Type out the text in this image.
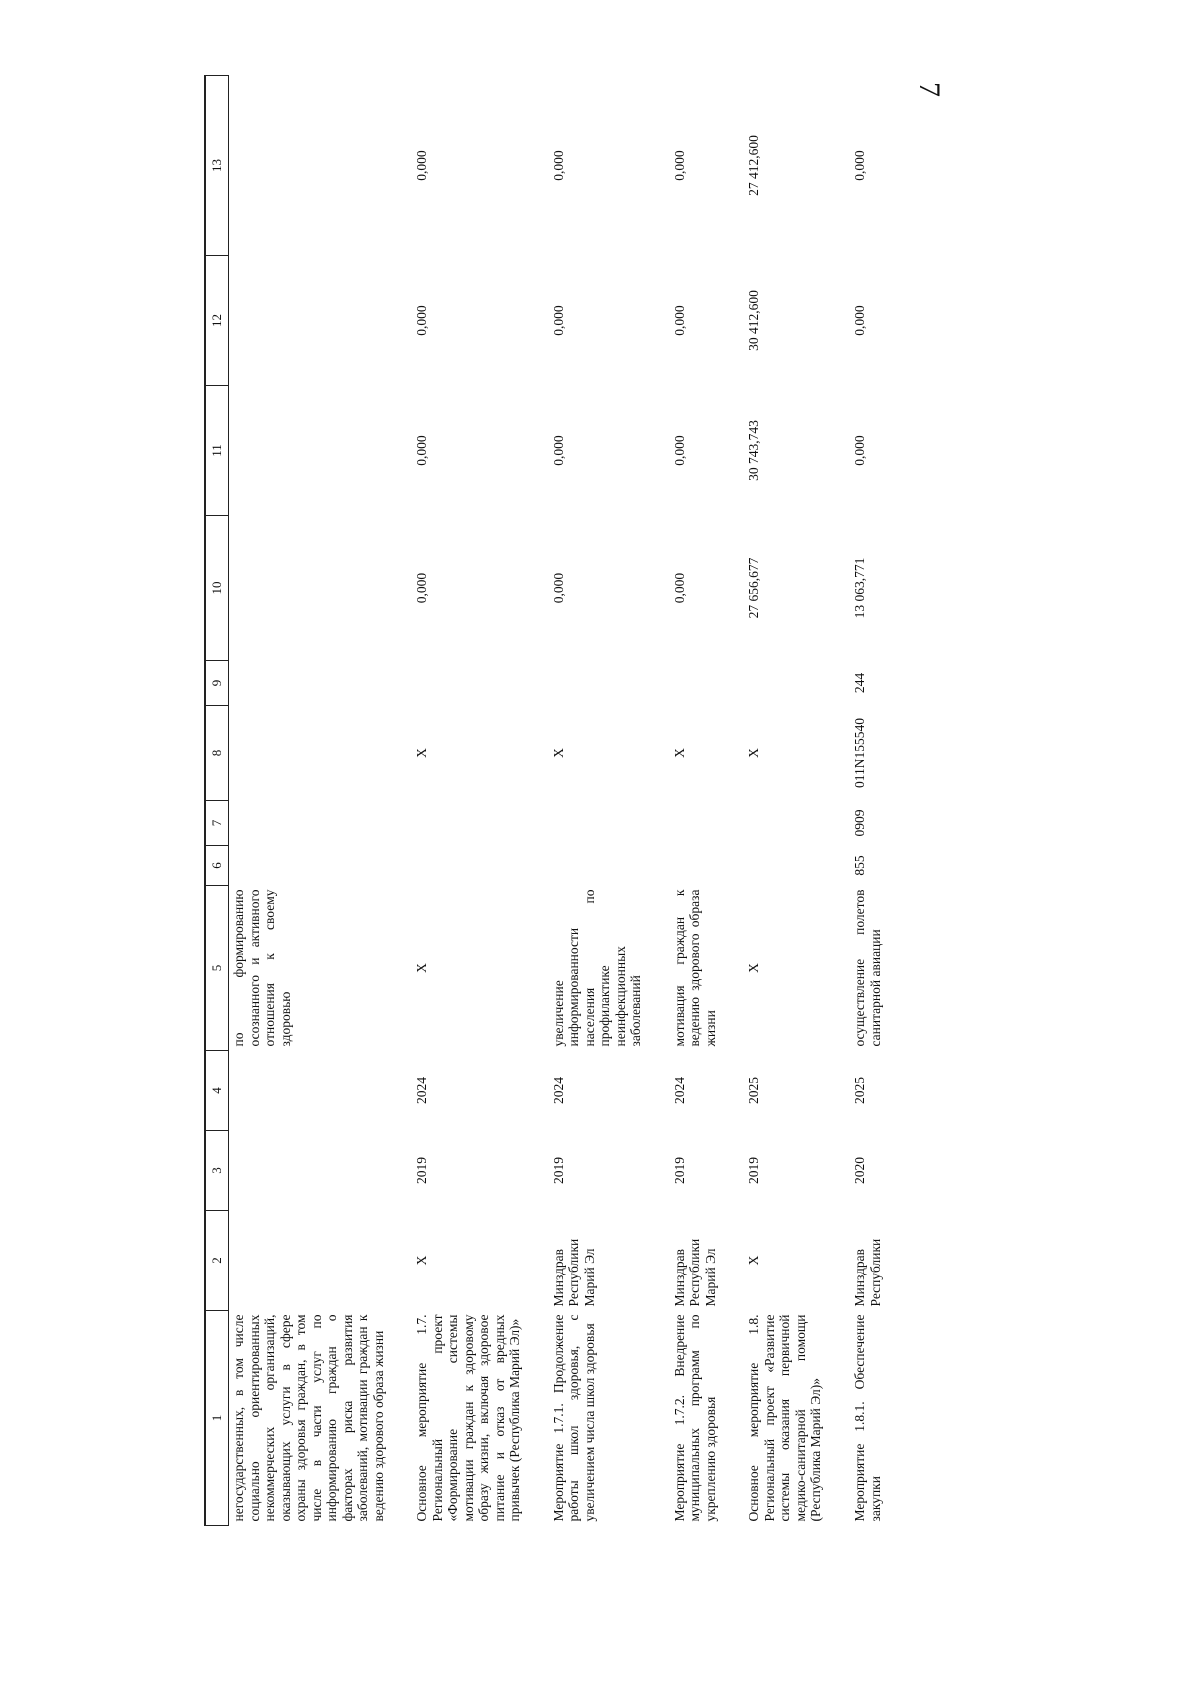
7
1	2	3	4	5	6	7	8	9	10	11	12	13
негосударственных, в том числе социально ориентированных некоммерческих организаций, оказывающих услуги в сфере охраны здоровья граждан, в том числе в части услуг по информированию граждан о факторах риска развития заболеваний, мотивации граждан к ведению здорового образа жизни				по формированию осознанного и активного отношения к своему здоровью								
Основное мероприятие 1.7. Региональный проект «Формирование системы мотивации граждан к здоровому образу жизни, включая здоровое питание и отказ от вредных привычек (Республика Марий Эл)»	X	2019	2024	X			X		0,000	0,000	0,000	0,000
Мероприятие 1.7.1. Продолжение работы школ здоровья, с увеличением числа школ здоровья	Минздрав Республики Марий Эл	2019	2024	увеличение информированности населения по профилактике неинфекционных заболеваний			X		0,000	0,000	0,000	0,000
Мероприятие 1.7.2. Внедрение муниципальных программ по укреплению здоровья	Минздрав Республики Марий Эл	2019	2024	мотивация граждан к ведению здорового образа жизни			X		0,000	0,000	0,000	0,000
Основное мероприятие 1.8. Региональный проект «Развитие системы оказания первичной медико-санитарной помощи (Республика Марий Эл)»	X	2019	2025	X			X		27 656,677	30 743,743	30 412,600	27 412,600
Мероприятие 1.8.1. Обеспечение закупки	Минздрав Республики	2020	2025	осуществление полетов санитарной авиации	855	0909	011N155540	244	13 063,771	0,000	0,000	0,000
